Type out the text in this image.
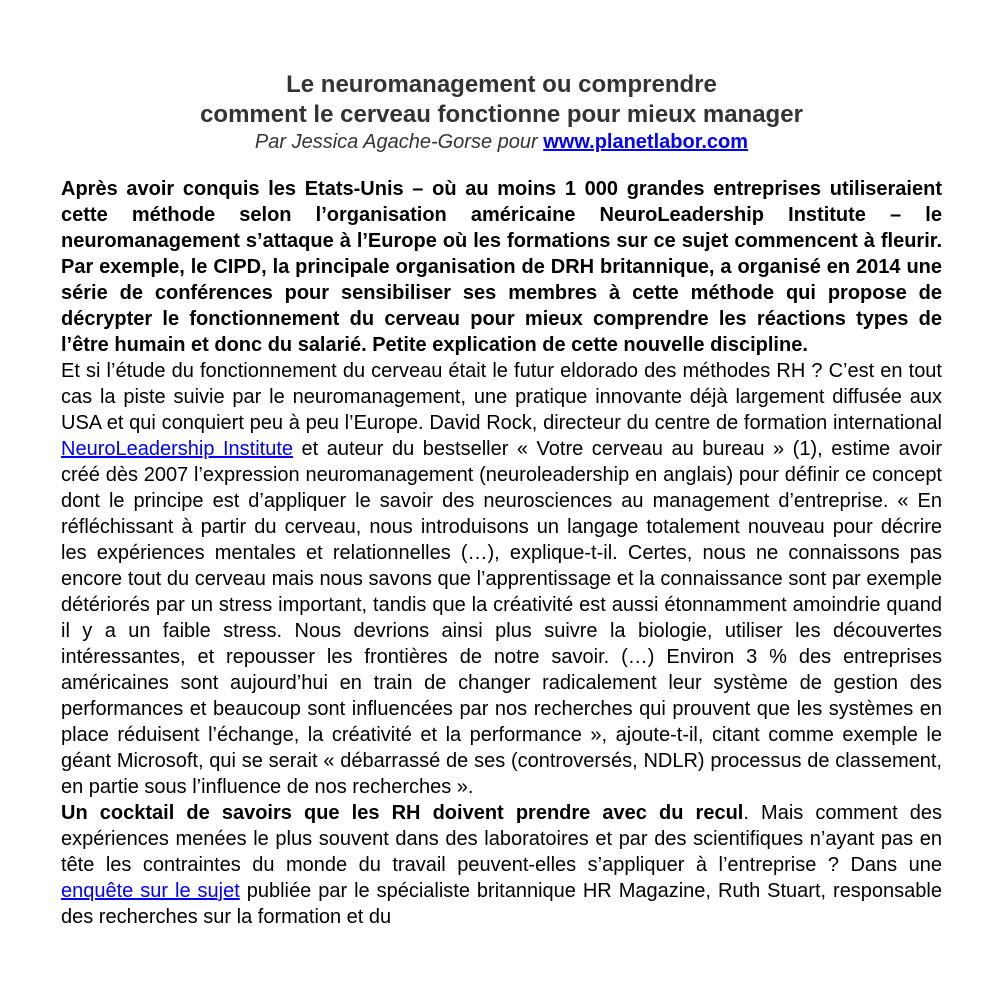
Le neuromanagement ou comprendre
comment le cerveau fonctionne pour mieux manager
Par Jessica Agache-Gorse pour www.planetlabor.com

Après avoir conquis les Etats-Unis – où au moins 1 000 grandes entreprises utiliseraient cette méthode selon l’organisation américaine NeuroLeadership Institute – le neuromanagement s’attaque à l’Europe où les formations sur ce sujet commencent à fleurir. Par exemple, le CIPD, la principale organisation de DRH britannique, a organisé en 2014 une série de conférences pour sensibiliser ses membres à cette méthode qui propose de décrypter le fonctionnement du cerveau pour mieux comprendre les réactions types de l’être humain et donc du salarié. Petite explication de cette nouvelle discipline.

Et si l’étude du fonctionnement du cerveau était le futur eldorado des méthodes RH ? C’est en tout cas la piste suivie par le neuromanagement, une pratique innovante déjà largement diffusée aux USA et qui conquiert peu à peu l’Europe. David Rock, directeur du centre de formation international NeuroLeadership Institute et auteur du bestseller « Votre cerveau au bureau » (1), estime avoir créé dès 2007 l’expression neuromanagement (neuroleadership en anglais) pour définir ce concept dont le principe est d’appliquer le savoir des neurosciences au management d’entreprise. « En réfléchissant à partir du cerveau, nous introduisons un langage totalement nouveau pour décrire les expériences mentales et relationnelles (…), explique-t-il. Certes, nous ne connaissons pas encore tout du cerveau mais nous savons que l’apprentissage et la connaissance sont par exemple détériorés par un stress important, tandis que la créativité est aussi étonnamment amoindrie quand il y a un faible stress. Nous devrions ainsi plus suivre la biologie, utiliser les découvertes intéressantes, et repousser les frontières de notre savoir. (…) Environ 3 % des entreprises américaines sont aujourd’hui en train de changer radicalement leur système de gestion des performances et beaucoup sont influencées par nos recherches qui prouvent que les systèmes en place réduisent l’échange, la créativité et la performance », ajoute-t-il, citant comme exemple le géant Microsoft, qui se serait « débarrassé de ses (controversés, NDLR) processus de classement, en partie sous l’influence de nos recherches ».

Un cocktail de savoirs que les RH doivent prendre avec du recul. Mais comment des expériences menées le plus souvent dans des laboratoires et par des scientifiques n’ayant pas en tête les contraintes du monde du travail peuvent-elles s’appliquer à l’entreprise ? Dans une enquête sur le sujet publiée par le spécialiste britannique HR Magazine, Ruth Stuart, responsable des recherches sur la formation et du
